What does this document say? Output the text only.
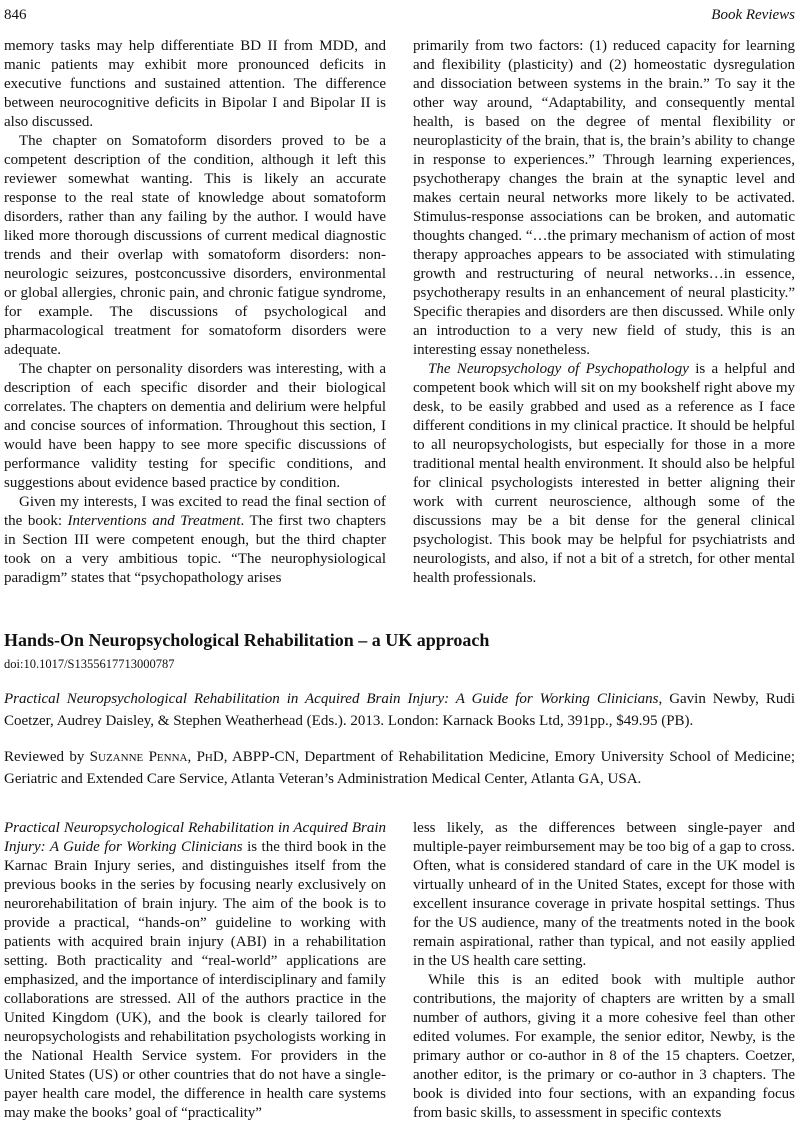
846	Book Reviews

memory tasks may help differentiate BD II from MDD, and manic patients may exhibit more pronounced deficits in executive functions and sustained attention. The difference between neurocognitive deficits in Bipolar I and Bipolar II is also discussed.

The chapter on Somatoform disorders proved to be a competent description of the condition, although it left this reviewer somewhat wanting. This is likely an accurate response to the real state of knowledge about somatoform disorders, rather than any failing by the author. I would have liked more thorough discussions of current medical diagnostic trends and their overlap with somatoform disorders: non-neurologic seizures, postconcussive disorders, environmental or global allergies, chronic pain, and chronic fatigue syndrome, for example. The discussions of psychological and pharmacological treatment for somatoform disorders were adequate.

The chapter on personality disorders was interesting, with a description of each specific disorder and their biological correlates. The chapters on dementia and delirium were helpful and concise sources of information. Throughout this section, I would have been happy to see more specific discussions of performance validity testing for specific conditions, and suggestions about evidence based practice by condition.

Given my interests, I was excited to read the final section of the book: Interventions and Treatment. The first two chapters in Section III were competent enough, but the third chapter took on a very ambitious topic. “The neurophysiological paradigm” states that “psychopathology arises

primarily from two factors: (1) reduced capacity for learning and flexibility (plasticity) and (2) homeostatic dysregulation and dissociation between systems in the brain.” To say it the other way around, “Adaptability, and consequently mental health, is based on the degree of mental flexibility or neuroplasticity of the brain, that is, the brain’s ability to change in response to experiences.” Through learning experiences, psychotherapy changes the brain at the synaptic level and makes certain neural networks more likely to be activated. Stimulus-response associations can be broken, and automatic thoughts changed. “…the primary mechanism of action of most therapy approaches appears to be associated with stimulating growth and restructuring of neural networks…in essence, psychotherapy results in an enhancement of neural plasticity.” Specific therapies and disorders are then discussed. While only an introduction to a very new field of study, this is an interesting essay nonetheless.

The Neuropsychology of Psychopathology is a helpful and competent book which will sit on my bookshelf right above my desk, to be easily grabbed and used as a reference as I face different conditions in my clinical practice. It should be helpful to all neuropsychologists, but especially for those in a more traditional mental health environment. It should also be helpful for clinical psychologists interested in better aligning their work with current neuroscience, although some of the discussions may be a bit dense for the general clinical psychologist. This book may be helpful for psychiatrists and neurologists, and also, if not a bit of a stretch, for other mental health professionals.

Hands-On Neuropsychological Rehabilitation – a UK approach
doi:10.1017/S1355617713000787

Practical Neuropsychological Rehabilitation in Acquired Brain Injury: A Guide for Working Clinicians, Gavin Newby, Rudi Coetzer, Audrey Daisley, & Stephen Weatherhead (Eds.). 2013. London: Karnack Books Ltd, 391pp., $49.95 (PB).

Reviewed by Suzanne Penna, PhD, ABPP-CN, Department of Rehabilitation Medicine, Emory University School of Medicine; Geriatric and Extended Care Service, Atlanta Veteran’s Administration Medical Center, Atlanta GA, USA.

Practical Neuropsychological Rehabilitation in Acquired Brain Injury: A Guide for Working Clinicians is the third book in the Karnac Brain Injury series, and distinguishes itself from the previous books in the series by focusing nearly exclusively on neurorehabilitation of brain injury. The aim of the book is to provide a practical, “hands-on” guideline to working with patients with acquired brain injury (ABI) in a rehabilitation setting. Both practicality and “real-world” applications are emphasized, and the importance of interdisciplinary and family collaborations are stressed. All of the authors practice in the United Kingdom (UK), and the book is clearly tailored for neuropsychologists and rehabilitation psychologists working in the National Health Service system. For providers in the United States (US) or other countries that do not have a single-payer health care model, the difference in health care systems may make the books’ goal of “practicality”

less likely, as the differences between single-payer and multiple-payer reimbursement may be too big of a gap to cross. Often, what is considered standard of care in the UK model is virtually unheard of in the United States, except for those with excellent insurance coverage in private hospital settings. Thus for the US audience, many of the treatments noted in the book remain aspirational, rather than typical, and not easily applied in the US health care setting.

While this is an edited book with multiple author contributions, the majority of chapters are written by a small number of authors, giving it a more cohesive feel than other edited volumes. For example, the senior editor, Newby, is the primary author or co-author in 8 of the 15 chapters. Coetzer, another editor, is the primary or co-author in 3 chapters. The book is divided into four sections, with an expanding focus from basic skills, to assessment in specific contexts
